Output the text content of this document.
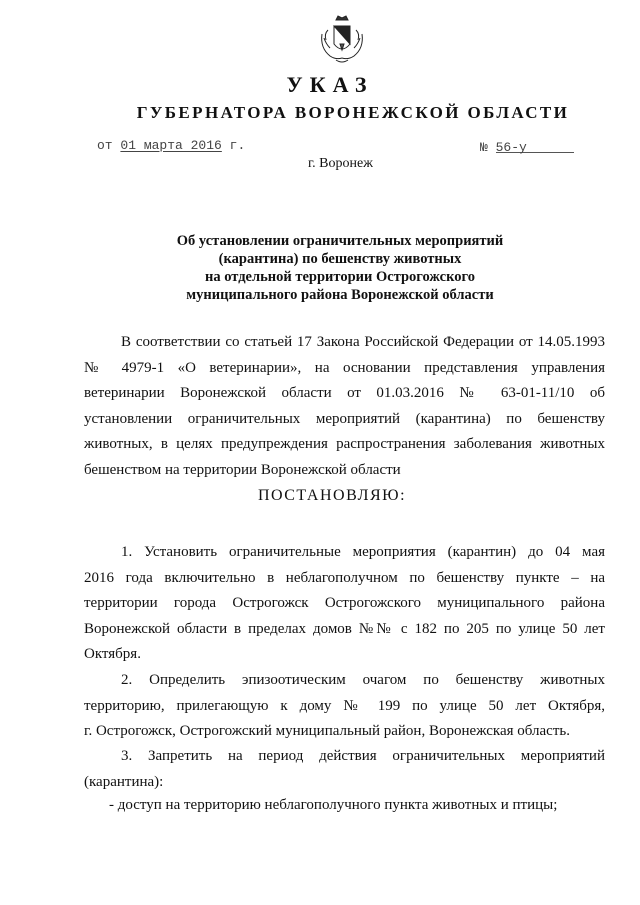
УКАЗ
ГУБЕРНАТОРА ВОРОНЕЖСКОЙ ОБЛАСТИ
от 01 марта 2016 г.	№ 56-у
г. Воронеж
Об установлении ограничительных мероприятий
(карантина) по бешенству животных
на отдельной территории Острогожского
муниципального района Воронежской области
В соответствии со статьей 17 Закона Российской Федерации от 14.05.1993
№ 4979-1 «О ветеринарии», на основании представления управления
ветеринарии Воронежской области от 01.03.2016 № 63-01-11/10 об
установлении ограничительных мероприятий (карантина) по бешенству
животных, в целях предупреждения распространения заболевания животных
бешенством на территории Воронежской области
ПОСТАНОВЛЯЮ:
1. Установить ограничительные мероприятия (карантин) до 04 мая
2016 года включительно в неблагополучном по бешенству пункте – на
территории города Острогожск Острогожского муниципального района
Воронежской области в пределах домов №№ с 182 по 205 по улице 50 лет
Октября.
2. Определить эпизоотическим очагом по бешенству животных
территорию, прилегающую к дому № 199 по улице 50 лет Октября,
г. Острогожск, Острогожский муниципальный район, Воронежская область.
3. Запретить на период действия ограничительных мероприятий
(карантина):
- доступ на территорию неблагополучного пункта животных и птицы;
